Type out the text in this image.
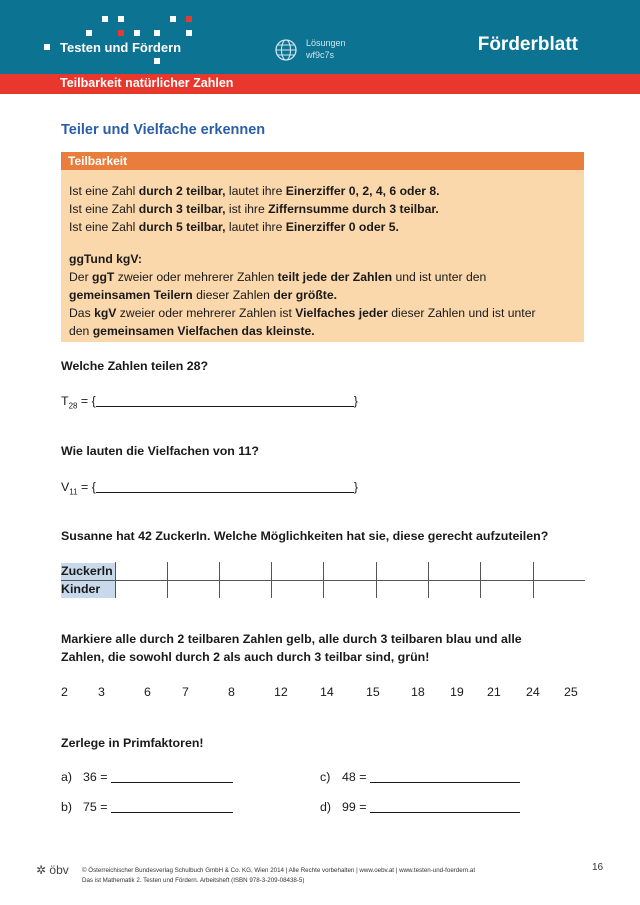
Testen und Fördern	Lösungen
wf9c7s	Förderblatt
Teilbarkeit natürlicher Zahlen
Teiler und Vielfache erkennen
Teilbarkeit

Ist eine Zahl durch 2 teilbar, lautet ihre Einerziffer 0, 2, 4, 6 oder 8.

Ist eine Zahl durch 3 teilbar, ist ihre Ziffernsumme durch 3 teilbar.

Ist eine Zahl durch 5 teilbar, lautet ihre Einerziffer 0 oder 5.

ggTund kgV:

Der ggT zweier oder mehrerer Zahlen teilt jede der Zahlen und ist unter den

gemeinsamen Teilern dieser Zahlen der größte.

Das kgV zweier oder mehrerer Zahlen ist Vielfaches jeder dieser Zahlen und ist unter

den gemeinsamen Vielfachen das kleinste.

Welche Zahlen teilen 28?
$T_{28}$ = {	}
Wie lauten die Vielfachen von 11?
$V_{11}$ = {	}
Susanne hat 42 ZuckerIn. Welche Möglichkeiten hat sie, diese gerecht aufzuteilen?
Zuckerln
Kinder
Markiere alle durch 2 teilbaren Zahlen gelb, alle durch 3 teilbaren blau und alle
Zahlen, die sowohl durch 2 als auch durch 3 teilbar sind, grün!
2 3	6	7	8	12	14	15	18 19 21 24 25
Zerlege in Primfaktoren!
a) 36 =	c) 48 =
b) 75 =	d) 99 =
✲ öbv © Österreichischer Bundesverlag Schulbuch GmbH & Co. KG, Wien 2014 | Alle Rechte vorbehalten | www.oebv.at | www.testen-und-foerdern.at
Das ist Mathematik 2. Testen und Fördern. Arbeitsheft (ISBN 978-3-209-08438-5)
16
